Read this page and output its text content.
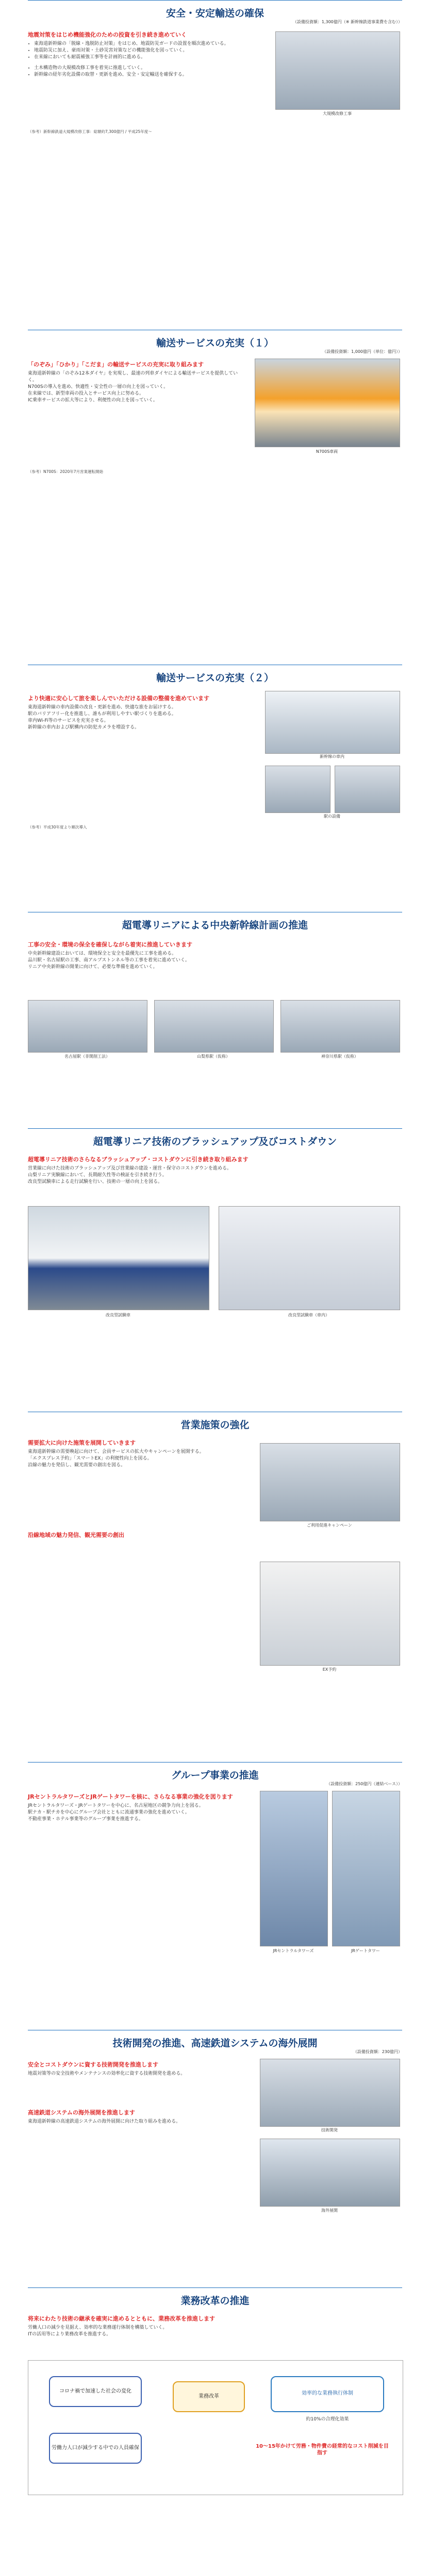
安全・安定輸送の確保
（設備投資額：1,300億円（※ 新幹線鉄道事業費を含む））
地震対策をはじめ機能強化のための投資を引き続き進めていく
• 東海道新幹線の「脱線・逸脱防止対策」をはじめ、地震防災ガードの設置を順次進めている。
• 地震防災に加え、豪雨対策・土砂災害対策などの機能強化を図っていく。
• 在来線においても耐震補強工事等を計画的に進める。
• 土木構造物の大規模改修工事を着実に推進していく。
• 新幹線の経年劣化設備の取替・更新を進め、安全・安定輸送を確保する。
大規模改修工事
（参考）新幹線鉄道大規模改修工事：総額約7,300億円 / 平成25年度〜
輸送サービスの充実（１）
（設備投資額：1,000億円（単位：億円））
「のぞみ」「ひかり」「こだま」の輸送サービスの充実に取り組みます
東海道新幹線の「のぞみ12本ダイヤ」を実現し、最速の列車ダイヤによる輸送サービスを提供していく。
N700Sの導入を進め、快適性・安全性の一層の向上を図っていく。
在来線では、新型車両の投入とサービス向上に努める。
IC乗車サービスの拡大等により、利便性の向上を図っていく。
N700S車両
（参考）N700S：2020年7月営業運転開始
輸送サービスの充実（２）
より快適に安心して旅を楽しんでいただける設備の整備を進めています
東海道新幹線の車内設備の改良・更新を進め、快適な旅をお届けする。
駅のバリアフリー化を推進し、誰もが利用しやすい駅づくりを進める。
車内Wi-Fi等のサービスを充実させる。
新幹線の車内および駅構内の防犯カメラを増設する。
新幹線の車内
駅の設備
（参考）平成30年度より順次導入
超電導リニアによる中央新幹線計画の推進
工事の安全・環境の保全を確保しながら着実に推進していきます
中央新幹線建設においては、環境保全と安全を最優先に工事を進める。
品川駅・名古屋駅の工事、南アルプストンネル等の工事を着実に進めていく。
リニア中央新幹線の開業に向けて、必要な準備を進めていく。
名古屋駅（非開削工法）	山梨県駅（仮称）	神奈川県駅（仮称）
超電導リニア技術のブラッシュアップ及びコストダウン
超電導リニア技術のさらなるブラッシュアップ・コストダウンに引き続き取り組みます
営業線に向けた技術のブラッシュアップ及び営業線の建設・運営・保守のコストダウンを進める。
山梨リニア実験線において、長期耐久性等の検証を引き続き行う。
改良型試験車による走行試験を行い、技術の一層の向上を図る。
改良型試験車	改良型試験車（車内）
営業施策の強化
需要拡大に向けた施策を展開していきます
東海道新幹線の需要喚起に向けて、会員サービスの拡大やキャンペーンを展開する。
「エクスプレス予約」「スマートEX」の利便性向上を図る。
沿線の魅力を発信し、観光需要の創出を図る。
沿線地域の魅力発信、観光需要の創出
ご利用促進キャンペーン
EX予約
グループ事業の推進
（設備投資額：250億円（連結ベース））
JRセントラルタワーズとJRゲートタワーを核に、さらなる事業の強化を図ります
JRセントラルタワーズ・JRゲートタワーを中心に、名古屋地区の競争力向上を図る。
駅ナカ・駅チカを中心にグループ会社とともに流通事業の強化を進めていく。
不動産事業・ホテル事業等のグループ事業を推進する。
JRセントラルタワーズ	JRゲートタワー
技術開発の推進、高速鉄道システムの海外展開
（設備投資額：230億円）
安全とコストダウンに資する技術開発を推進します
地震対策等の安全技術やメンテナンスの効率化に資する技術開発を進める。
高速鉄道システムの海外展開を推進します
東海道新幹線の高速鉄道システムの海外展開に向けた取り組みを進める。
技術開発
海外展開
業務改革の推進
将来にわたり技術の継承を確実に進めるとともに、業務改革を推進します
労働人口の減少を見据え、効率的な業務遂行体制を構築していく。
ITの活用等により業務改革を推進する。
コロナ禍で加速した社会の変化
労働力人口が減少する中での人員確保
業務改革
効率的な業務執行体制
約10%の合理化効果
10〜15年かけて労務・物件費の経常的なコスト削減を目指す
